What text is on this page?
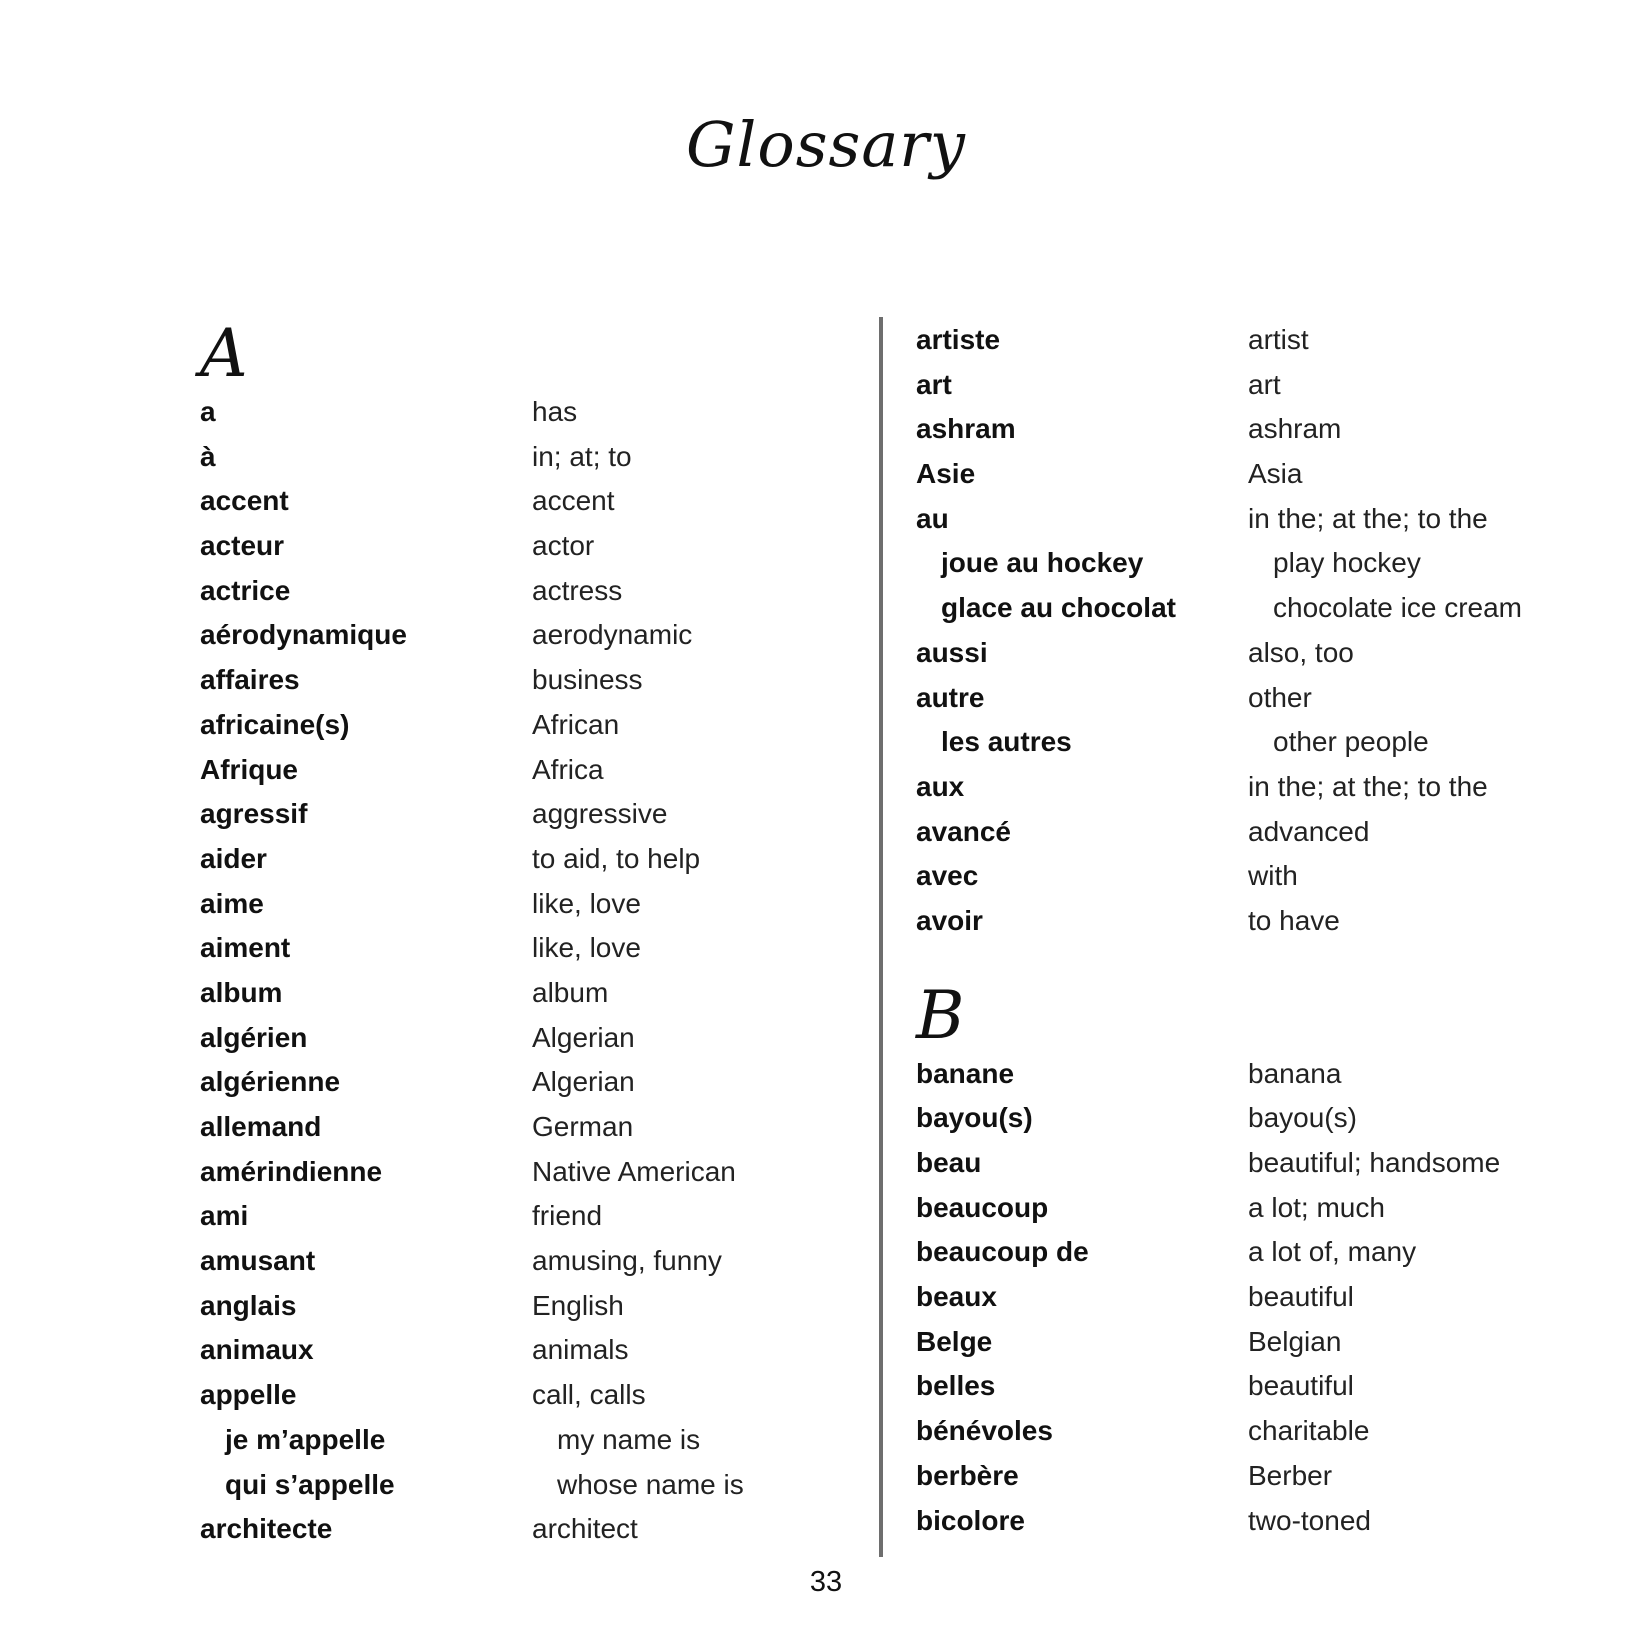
Glossary
A
a	has
à	in; at; to
accent	accent
acteur	actor
actrice	actress
aérodynamique	aerodynamic
affaires	business
africaine(s)	African
Afrique	Africa
agressif	aggressive
aider	to aid, to help
aime	like, love
aiment	like, love
album	album
algérien	Algerian
algérienne	Algerian
allemand	German
amérindienne	Native American
ami	friend
amusant	amusing, funny
anglais	English
animaux	animals
appelle	call, calls
je m’appelle	my name is
qui s’appelle	whose name is
architecte	architect
artiste	artist
art	art
ashram	ashram
Asie	Asia
au	in the; at the; to the
joue au hockey	play hockey
glace au chocolat	chocolate ice cream
aussi	also, too
autre	other
les autres	other people
aux	in the; at the; to the
avancé	advanced
avec	with
avoir	to have
B
banane	banana
bayou(s)	bayou(s)
beau	beautiful; handsome
beaucoup	a lot; much
beaucoup de	a lot of, many
beaux	beautiful
Belge	Belgian
belles	beautiful
bénévoles	charitable
berbère	Berber
bicolore	two-toned
33
